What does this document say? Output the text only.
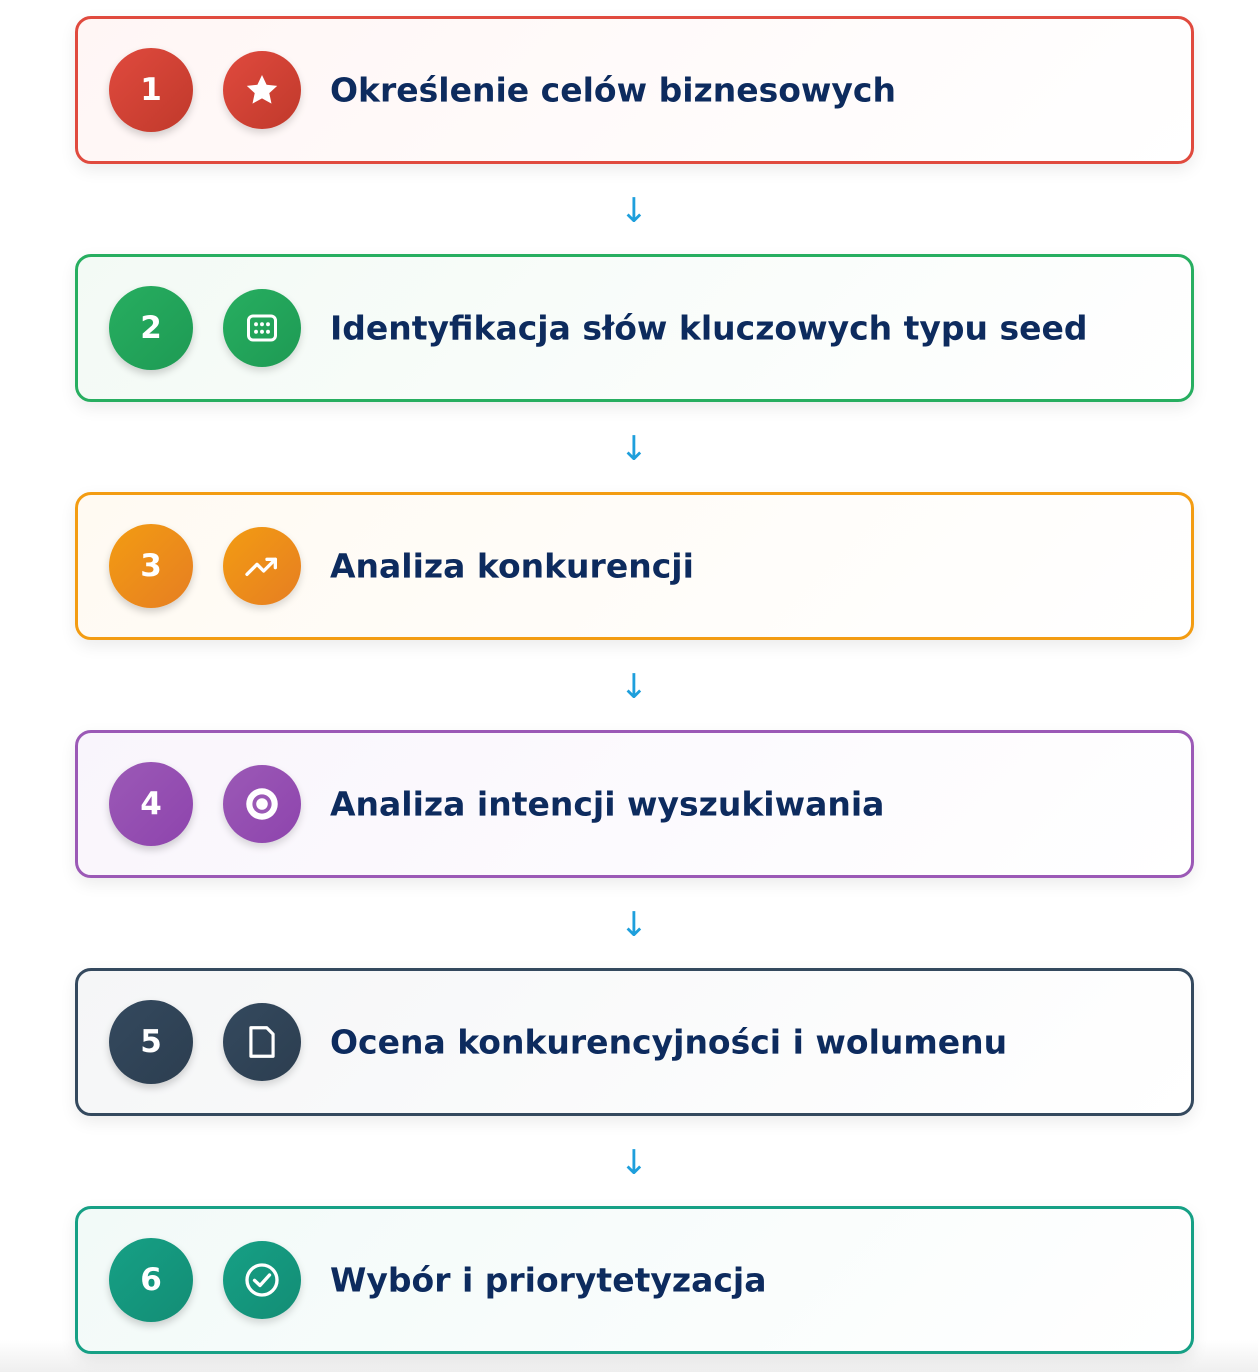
1	Określenie celów biznesowych
↓
2	Identyfikacja słów kluczowych typu seed
↓
3	Analiza konkurencji
↓
4	Analiza intencji wyszukiwania
↓
5	Ocena konkurencyjności i wolumenu
↓
6	Wybór i priorytetyzacja
